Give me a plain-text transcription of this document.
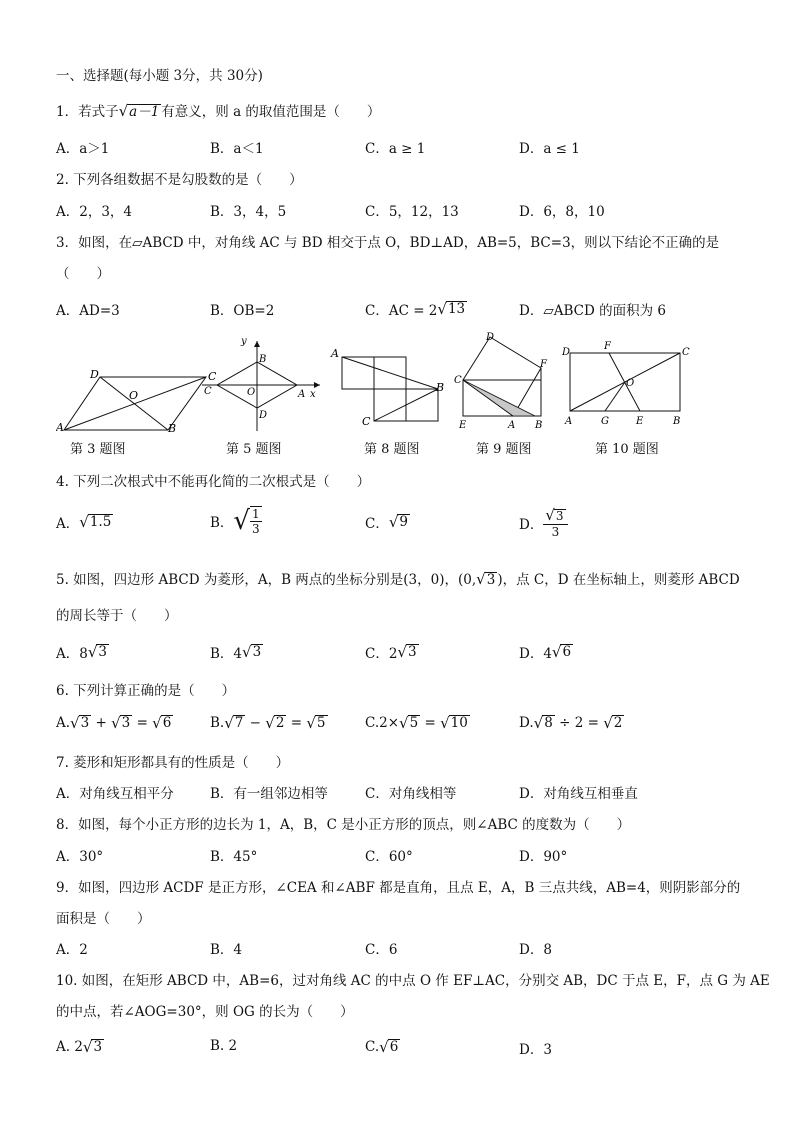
一、选择题(每小题 3分，共 30分)
1．若式子√a－1 有意义，则 a 的取值范围是（　　）
A．a＞1	B．a＜1	C．a ≥ 1	D．a ≤ 1
2. 下列各组数据不是勾股数的是（　　）
A．2，3，4	B．3，4，5	C．5，12，13	D．6，8，10
3．如图，在▱ABCD 中，对角线 AC 与 BD 相交于点 O，BD⊥AD，AB=5，BC=3，则以下结论不正确的是
（　　）
A．AD=3	B．OB=2	C．AC = 2 √ 13	D．▱ABCD 的面积为 6
A	B
C
D
O
y
x
A
B
C
D
O
A
B
C
D
F
C
E	A B
D
F
C
O
A	G	E	B
第 3 题图	第 5 题图	第 8 题图	第 9 题图	第 10 题图
4. 下列二次根式中不能再化简的二次根式是（　　）
A． √ 1.5	B． √ $\frac{1}{3}$	C． √ 9	D． $\frac{√3}{3}$
5. 如图，四边形 ABCD 为菱形，A，B 两点的坐标分别是(3，0)，(0,√3 )，点 C，D 在坐标轴上，则菱形 ABCD
的周长等于（　　）
A．8 √ 3	B．4 √ 3	C．2 √ 3	D．4 √ 6
6. 下列计算正确的是（　　）
A. √ 3
+
√ 3
=
√ 6	B. √ 7
−
√ 2
=
√ 5	C. 2× √ 5
=
√ 10	D. √ 8
÷ 2 =
√ 2
7. 菱形和矩形都具有的性质是（　　）
A．对角线互相平分	B．有一组邻边相等	C．对角线相等	D．对角线互相垂直
8．如图，每个小正方形的边长为 1，A，B，C 是小正方形的顶点，则∠ABC 的度数为（　　）
A．30°	B．45°	C．60°	D．90°
9．如图，四边形 ACDF 是正方形，∠CEA 和∠ABF 都是直角，且点 E，A，B 三点共线，AB=4，则阴影部分的
面积是（　　）
A．2	B．4	C．6	D．8
10. 如图，在矩形 ABCD 中，AB=6，过对角线 AC 的中点 O 作 EF⊥AC，分别交 AB，DC 于点 E，F，点 G 为 AE
的中点，若∠AOG=30°，则 OG 的长为（　　）
A. 2 √ 3	B. 2	C. √ 6	D．3
